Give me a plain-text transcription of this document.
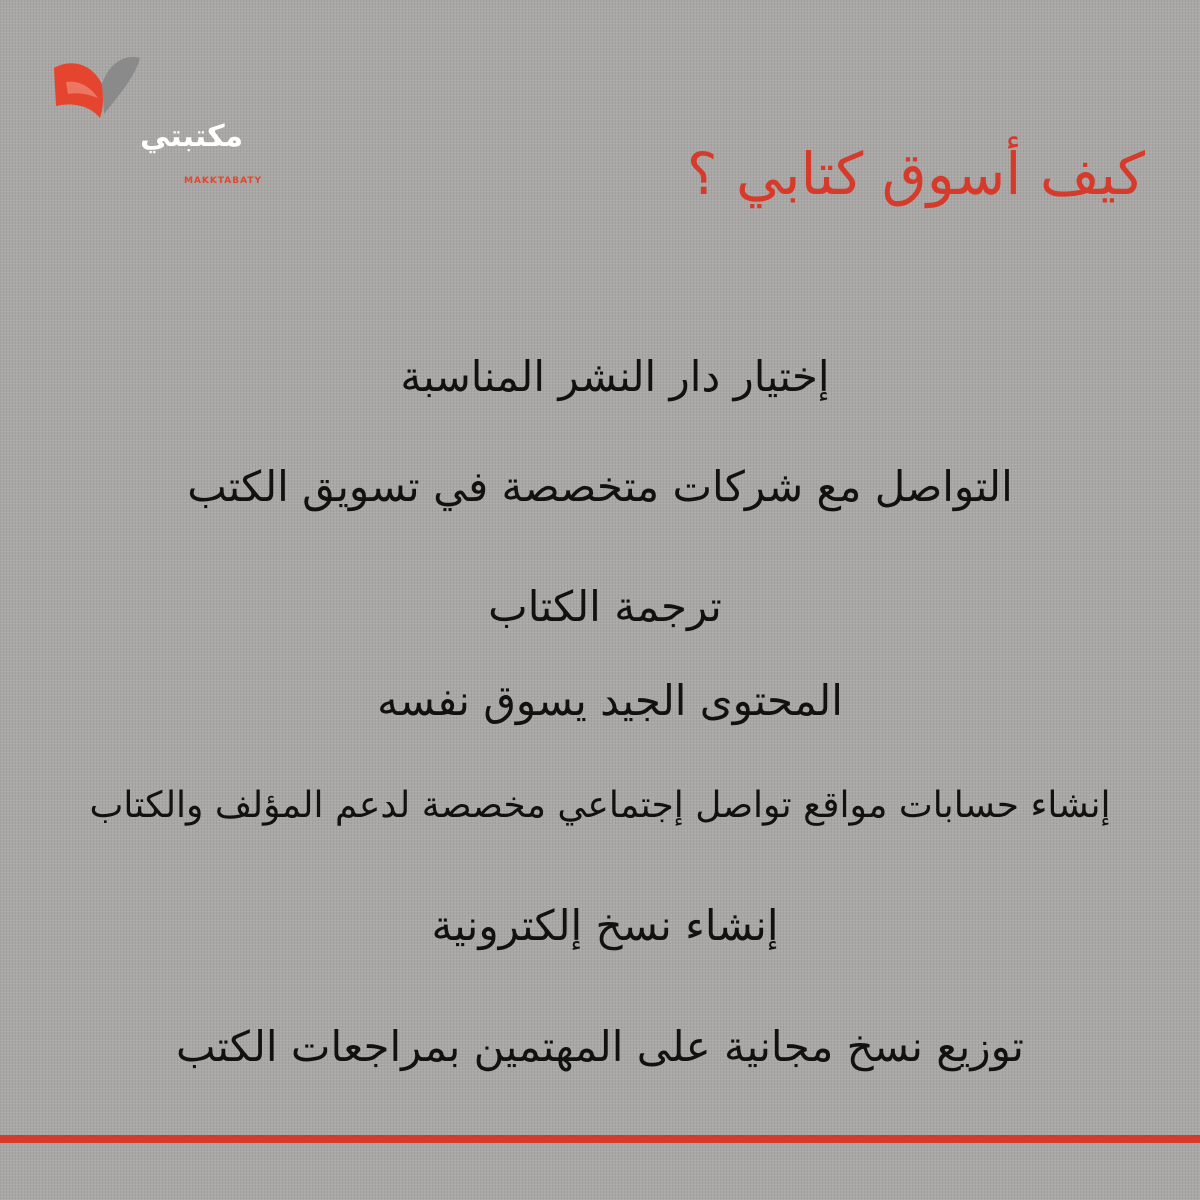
مكتبتي
MAKKTABATY	كيف أسوق كتابي ؟
إختيار دار النشر المناسبة
التواصل مع شركات متخصصة في تسويق الكتب
ترجمة الكتاب
المحتوى الجيد يسوق نفسه
إنشاء حسابات مواقع تواصل إجتماعي مخصصة لدعم المؤلف والكتاب
إنشاء نسخ إلكترونية
توزيع نسخ مجانية على المهتمين بمراجعات الكتب
